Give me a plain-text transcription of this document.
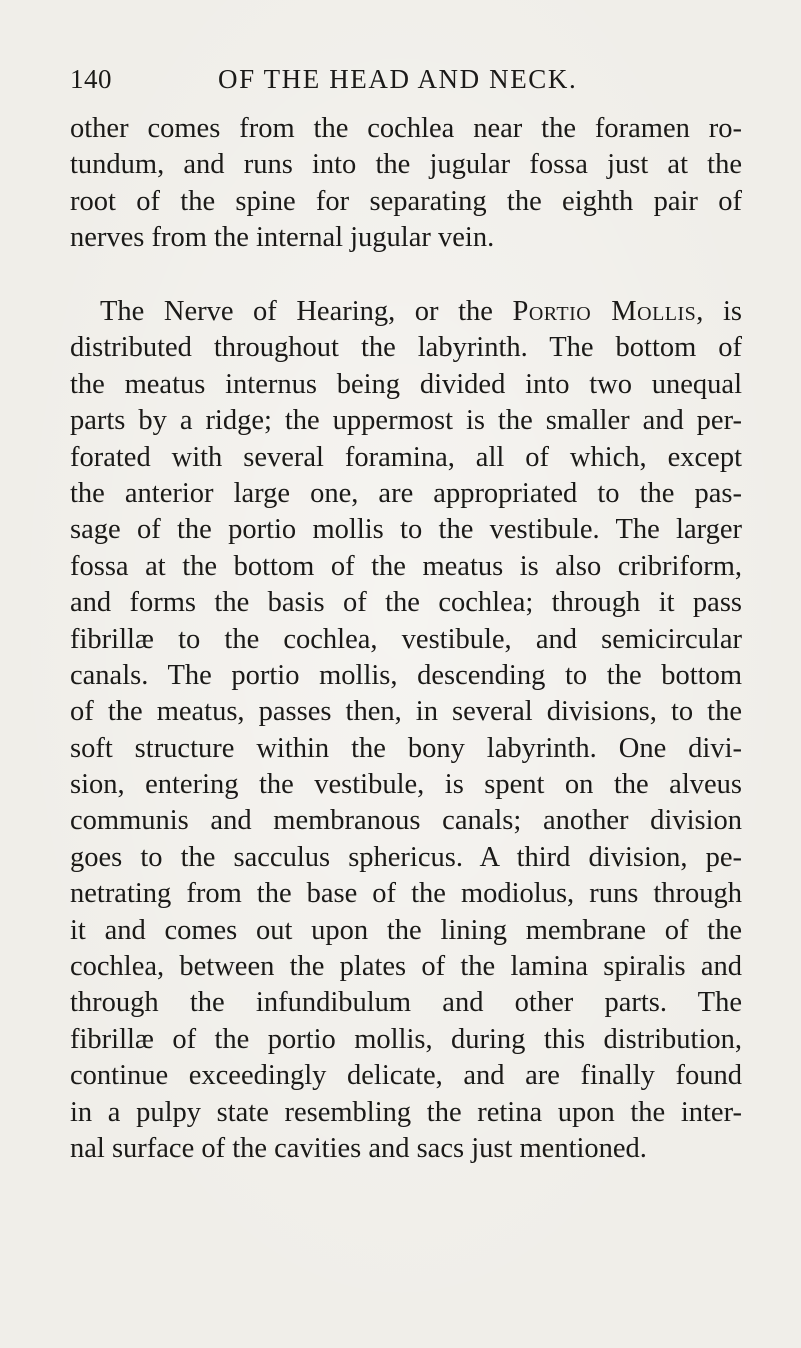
140	OF THE HEAD AND NECK.
other comes from the cochlea near the foramen ro-
tundum, and runs into the jugular fossa just at the
root of the spine for separating the eighth pair of
nerves from the internal jugular vein.
The Nerve of Hearing, or the Portio Mollis, is
distributed throughout the labyrinth. The bottom of
the meatus internus being divided into two unequal
parts by a ridge; the uppermost is the smaller and per-
forated with several foramina, all of which, except
the anterior large one, are appropriated to the pas-
sage of the portio mollis to the vestibule. The larger
fossa at the bottom of the meatus is also cribriform,
and forms the basis of the cochlea; through it pass
fibrillæ to the cochlea, vestibule, and semicircular
canals. The portio mollis, descending to the bottom
of the meatus, passes then, in several divisions, to the
soft structure within the bony labyrinth. One divi-
sion, entering the vestibule, is spent on the alveus
communis and membranous canals; another division
goes to the sacculus sphericus. A third division, pe-
netrating from the base of the modiolus, runs through
it and comes out upon the lining membrane of the
cochlea, between the plates of the lamina spiralis and
through the infundibulum and other parts. The
fibrillæ of the portio mollis, during this distribution,
continue exceedingly delicate, and are finally found
in a pulpy state resembling the retina upon the inter-
nal surface of the cavities and sacs just mentioned.
